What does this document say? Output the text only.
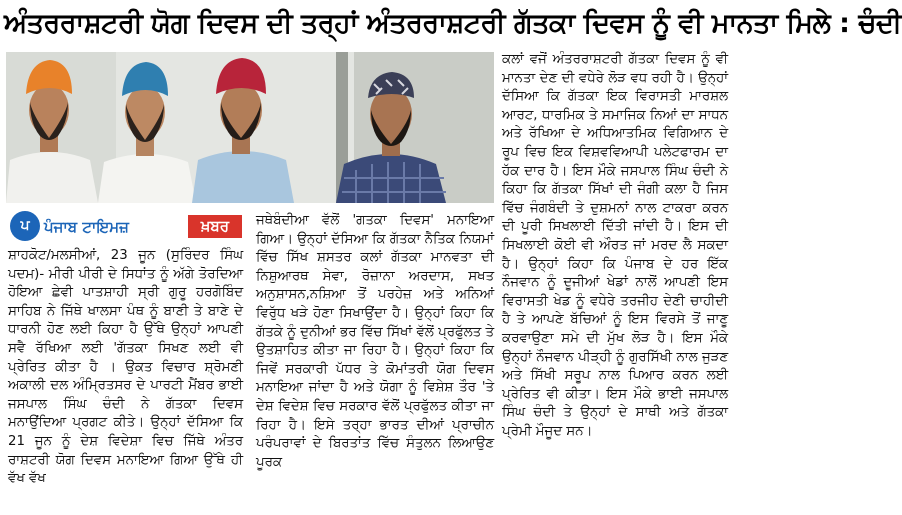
ਅੰਤਰਰਾਸ਼ਟਰੀ ਯੋਗ ਦਿਵਸ ਦੀ ਤਰ੍ਹਾਂ ਅੰਤਰਰਾਸ਼ਟਰੀ ਗੱਤਕਾ ਦਿਵਸ ਨੂੰ ਵੀ ਮਾਨਤਾ ਮਿਲੇ : ਚੰਦੀ
ਪ ਪੰਜਾਬ ਟਾਇਮਜ਼	ਖ਼ਬਰ

ਸ਼ਾਹਕੋਟ/ਮਲਸੀਆਂ, 23 ਜੂਨ (ਸੁਰਿੰਦਰ ਸਿੰਘ ਪਦਮ)- ਮੀਰੀ ਪੀਰੀ ਦੇ ਸਿਧਾਂਤ ਨੂੰ ਅੱਗੇ ਤੋਰਦਿਆ ਹੋਇਆ ਛੇਵੀ ਪਾਤਸ਼ਾਹੀ ਸ੍ਰੀ ਗੁਰੂ ਹਰਗੋਬਿੰਦ ਸਾਹਿਬ ਨੇ ਜਿੱਥੇ ਖਾਲਸਾ ਪੰਥ ਨੂੰ ਬਾਣੀ ਤੇ ਬਾਣੇ ਦੇ ਧਾਰਨੀ ਹੋਣ ਲਈ ਕਿਹਾ ਹੈ ਉੱਥੇ ਉਨ੍ਹਾਂ ਆਪਣੀ ਸਵੈ ਰੱਖਿਆ ਲਈ 'ਗੱਤਕਾ ਸਿਖਣ ਲਈ ਵੀ ਪ੍ਰੇਰਿਤ ਕੀਤਾ ਹੈ । ਉਕਤ ਵਿਚਾਰ ਸ਼੍ਰੋਮਣੀ ਅਕਾਲੀ ਦਲ ਅੰਮ੍ਰਿਤਸਰ ਦੇ ਪਾਰਟੀ ਮੈਂਬਰ ਭਾਈ ਜਸਪਾਲ ਸਿੰਘ ਚੰਦੀ ਨੇ ਗੱਤਕਾ ਦਿਵਸ ਮਨਾਉਂਦਿਆ ਪ੍ਰਗਟ ਕੀਤੇ। ਉਨ੍ਹਾਂ ਦੱਸਿਆ ਕਿ 21 ਜੂਨ ਨੂੰ ਦੇਸ਼ ਵਿਦੇਸ਼ਾ ਵਿਚ ਜਿੱਥੇ ਅੰਤਰ ਰਾਸ਼ਟਰੀ ਯੋਗ ਦਿਵਸ ਮਨਾਇਆ ਗਿਆ ਉੱਥੇ ਹੀ ਵੱਖ ਵੱਖ

ਜਥੇਬੰਦੀਆ ਵੱਲੋਂ 'ਗਤਕਾ ਦਿਵਸ' ਮਨਾਇਆ ਗਿਆ। ਉਨ੍ਹਾਂ ਦੱਸਿਆ ਕਿ ਗੱਤਕਾ ਨੈਤਿਕ ਨਿਯਮਾਂ ਵਿੱਚ ਸਿੱਖ ਸ਼ਸਤਰ ਕਲਾਂ ਗੱਤਕਾ ਮਾਨਵਤਾ ਦੀ ਨਿਸ਼ੁਆਰਥ ਸੇਵਾ, ਰੋਜ਼ਾਨਾ ਅਰਦਾਸ, ਸਖਤ ਅਨੁਸ਼ਾਸਨ,ਨਸ਼ਿਆ ਤੋਂ ਪਰਹੇਜ਼ ਅਤੇ ਅਨਿਆਂ ਵਿਰੁੱਧ ਖੜੇ ਹੋਣਾ ਸਿਖਾਉਂਦਾ ਹੈ। ਉਨ੍ਹਾਂ ਕਿਹਾ ਕਿ ਗੱਤਕੇ ਨੂੰ ਦੁਨੀਆਂ ਭਰ ਵਿੱਚ ਸਿੱਖਾਂ ਵੱਲੋਂ ਪ੍ਰਫੁੱਲਤ ਤੇ ਉਤਸ਼ਾਹਿਤ ਕੀਤਾ ਜਾ ਰਿਹਾ ਹੈ। ਉਨ੍ਹਾਂ ਕਿਹਾ ਕਿ ਜਿਵੇਂ ਸਰਕਾਰੀ ਪੱਧਰ ਤੇ ਕੋਮਾਂਤਰੀ ਯੋਗ ਦਿਵਸ ਮਨਾਇਆ ਜਾਂਦਾ ਹੈ ਅਤੇ ਯੋਗਾ ਨੂੰ ਵਿਸ਼ੇਸ਼ ਤੌਰ 'ਤੇ ਦੇਸ਼ ਵਿਦੇਸ਼ ਵਿਚ ਸਰਕਾਰ ਵੱਲੋਂ ਪ੍ਰਫੁੱਲਤ ਕੀਤਾ ਜਾ ਰਿਹਾ ਹੈ। ਇਸੇ ਤਰ੍ਹਾ ਭਾਰਤ ਦੀਆਂ ਪ੍ਰਾਚੀਨ ਪਰੰਪਰਾਵਾਂ ਦੇ ਬਿਰਤਾਂਤ ਵਿੱਚ ਸੰਤੁਲਨ ਲਿਆਉਣ ਪੂਰਕ

ਕਲਾਂ ਵਜੋਂ ਅੰਤਰਰਾਸ਼ਟਰੀ ਗੱਤਕਾ ਦਿਵਸ ਨੂੰ ਵੀ ਮਾਨਤਾ ਦੇਣ ਦੀ ਵਧੇਰੇ ਲੋੜ ਵਧ ਰਹੀ ਹੈ। ਉਨ੍ਹਾਂ ਦੱਸਿਆ ਕਿ ਗੱਤਕਾ ਇਕ ਵਿਰਾਸਤੀ ਮਾਰਸ਼ਲ ਆਰਟ, ਧਾਰਮਿਕ ਤੇ ਸਮਾਜਿਕ ਨਿਆਂ ਦਾ ਸਾਧਨ ਅਤੇ ਰੱਖਿਆ ਦੇ ਅਧਿਆਤਮਿਕ ਵਿਗਿਆਨ ਦੇ ਰੂਪ ਵਿਚ ਇਕ ਵਿਸ਼ਵਵਿਆਪੀ ਪਲੇਟਫਾਰਮ ਦਾ ਹੱਕ ਦਾਰ ਹੈ। ਇਸ ਮੌਕੇ ਜਸਪਾਲ ਸਿੰਘ ਚੰਦੀ ਨੇ ਕਿਹਾ ਕਿ ਗੱਤਕਾ ਸਿੱਖਾਂ ਦੀ ਜੰਗੀ ਕਲਾ ਹੈ ਜਿਸ ਵਿੱਚ ਜੰਗਬੰਦੀ ਤੇ ਦੁਸ਼ਮਨਾਂ ਨਾਲ ਟਾਕਰਾ ਕਰਨ ਦੀ ਪੂਰੀ ਸਿਖਲਾਈ ਦਿੱਤੀ ਜਾਂਦੀ ਹੈ। ਇਸ ਦੀ ਸਿਖਲਾਈ ਕੋਈ ਵੀ ਔਰਤ ਜਾਂ ਮਰਦ ਲੈ ਸਕਦਾ ਹੈ। ਉਨ੍ਹਾਂ ਕਿਹਾ ਕਿ ਪੰਜਾਬ ਦੇ ਹਰ ਇੱਕ ਨੌਜਵਾਨ ਨੂੰ ਦੂਜੀਆਂ ਖੇਡਾਂ ਨਾਲੋਂ ਆਪਣੀ ਇਸ ਵਿਰਾਸਤੀ ਖੇਡ ਨੂੰ ਵਧੇਰੇ ਤਰਜੀਹ ਦੇਣੀ ਚਾਹੀਦੀ ਹੈ ਤੇ ਆਪਣੇ ਬੱਚਿਆਂ ਨੂੰ ਇਸ ਵਿਰਸੇ ਤੋਂ ਜਾਣੂ ਕਰਵਾਉਣਾ ਸਮੇ ਦੀ ਮੁੱਖ ਲੋੜ ਹੈ। ਇਸ ਮੌਕੇ ਉਨ੍ਹਾਂ ਨੌਜਵਾਨ ਪੀੜ੍ਹੀ ਨੂੰ ਗੁਰਸਿੱਖੀ ਨਾਲ ਜੁੜਣ ਅਤੇ ਸਿੱਖੀ ਸਰੂਪ ਨਾਲ ਪਿਆਰ ਕਰਨ ਲਈ ਪ੍ਰੇਰਿਤ ਵੀ ਕੀਤਾ। ਇਸ ਮੌਕੇ ਭਾਈ ਜਸਪਾਲ ਸਿੰਘ ਚੰਦੀ ਤੇ ਉਨ੍ਹਾਂ ਦੇ ਸਾਥੀ ਅਤੇ ਗੱਤਕਾ ਪ੍ਰੇਮੀ ਮੌਜੂਦ ਸਨ।
